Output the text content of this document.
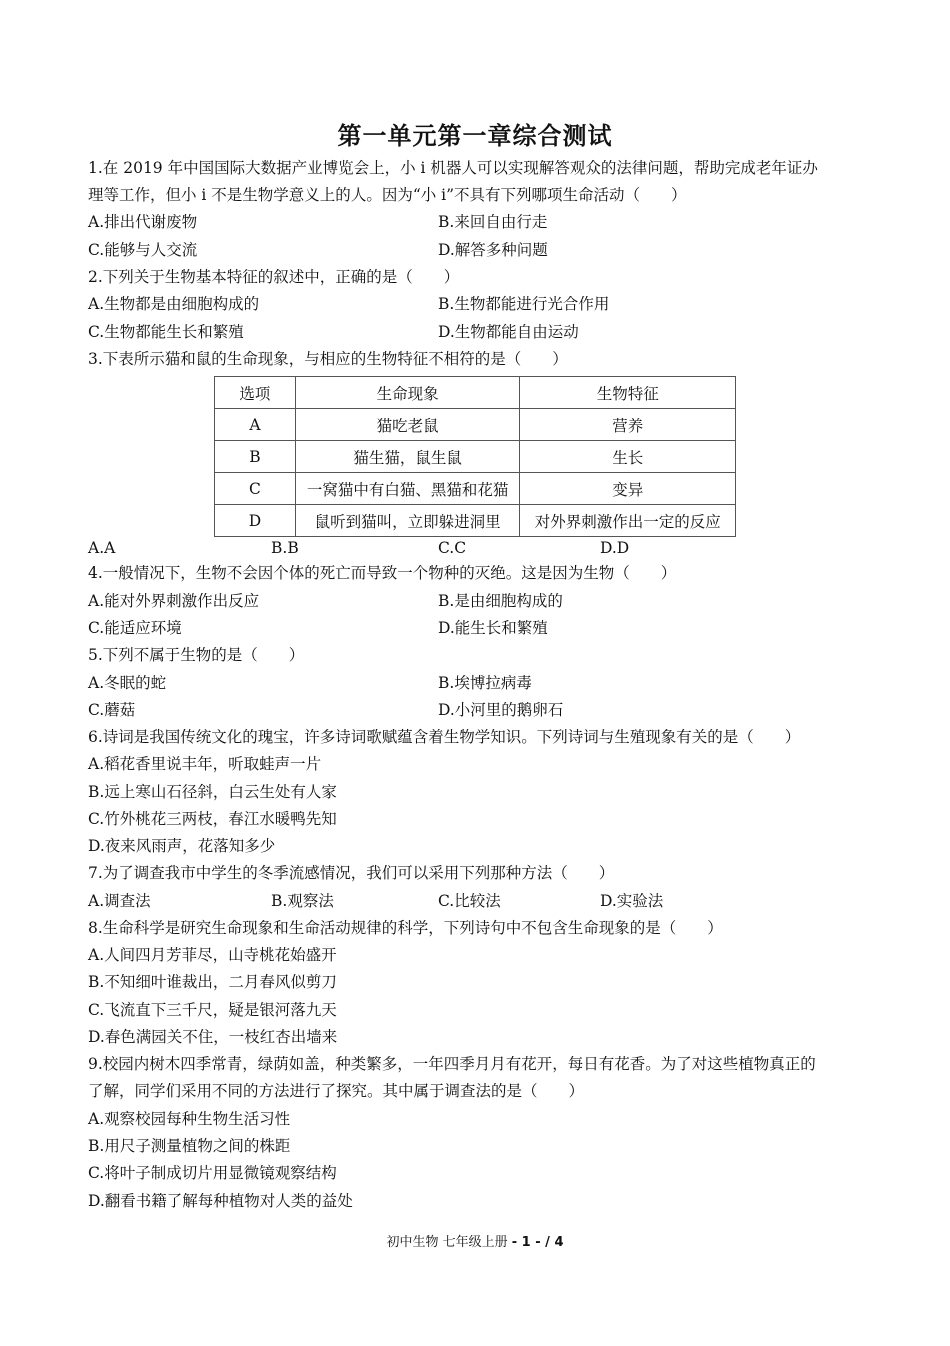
第一单元第一章综合测试
1.在 2019 年中国国际大数据产业博览会上，小 i 机器人可以实现解答观众的法律问题，帮助完成老年证办
理等工作，但小 i 不是生物学意义上的人。因为“小 i”不具有下列哪项生命活动（　　）
A.排出代谢废物	B.来回自由行走
C.能够与人交流	D.解答多种问题
2.下列关于生物基本特征的叙述中，正确的是（　　）
A.生物都是由细胞构成的	B.生物都能进行光合作用
C.生物都能生长和繁殖	D.生物都能自由运动
3.下表所示猫和鼠的生命现象，与相应的生物特征不相符的是（　　）
选项	生命现象	生物特征
A	猫吃老鼠	营养
B	猫生猫，鼠生鼠	生长
C	一窝猫中有白猫、黑猫和花猫	变异
D	鼠听到猫叫，立即躲进洞里	对外界刺激作出一定的反应
A.A	B.B	C.C	D.D
4.一般情况下，生物不会因个体的死亡而导致一个物种的灭绝。这是因为生物（　　）
A.能对外界刺激作出反应	B.是由细胞构成的
C.能适应环境	D.能生长和繁殖
5.下列不属于生物的是（　　）
A.冬眠的蛇	B.埃博拉病毒
C.蘑菇	D.小河里的鹅卵石
6.诗词是我国传统文化的瑰宝，许多诗词歌赋蕴含着生物学知识。下列诗词与生殖现象有关的是（　　）
A.稻花香里说丰年，听取蛙声一片
B.远上寒山石径斜，白云生处有人家
C.竹外桃花三两枝，春江水暖鸭先知
D.夜来风雨声，花落知多少
7.为了调查我市中学生的冬季流感情况，我们可以采用下列那种方法（　　）
A.调查法	B.观察法	C.比较法	D.实验法
8.生命科学是研究生命现象和生命活动规律的科学，下列诗句中不包含生命现象的是（　　）
A.人间四月芳菲尽，山寺桃花始盛开
B.不知细叶谁裁出，二月春风似剪刀
C.飞流直下三千尺，疑是银河落九天
D.春色满园关不住，一枝红杏出墙来
9.校园内树木四季常青，绿荫如盖，种类繁多，一年四季月月有花开，每日有花香。为了对这些植物真正的
了解，同学们采用不同的方法进行了探究。其中属于调查法的是（　　）
A.观察校园每种生物生活习性
B.用尺子测量植物之间的株距
C.将叶子制成切片用显微镜观察结构
D.翻看书籍了解每种植物对人类的益处
初中生物 七年级上册 - 1 - / 4
